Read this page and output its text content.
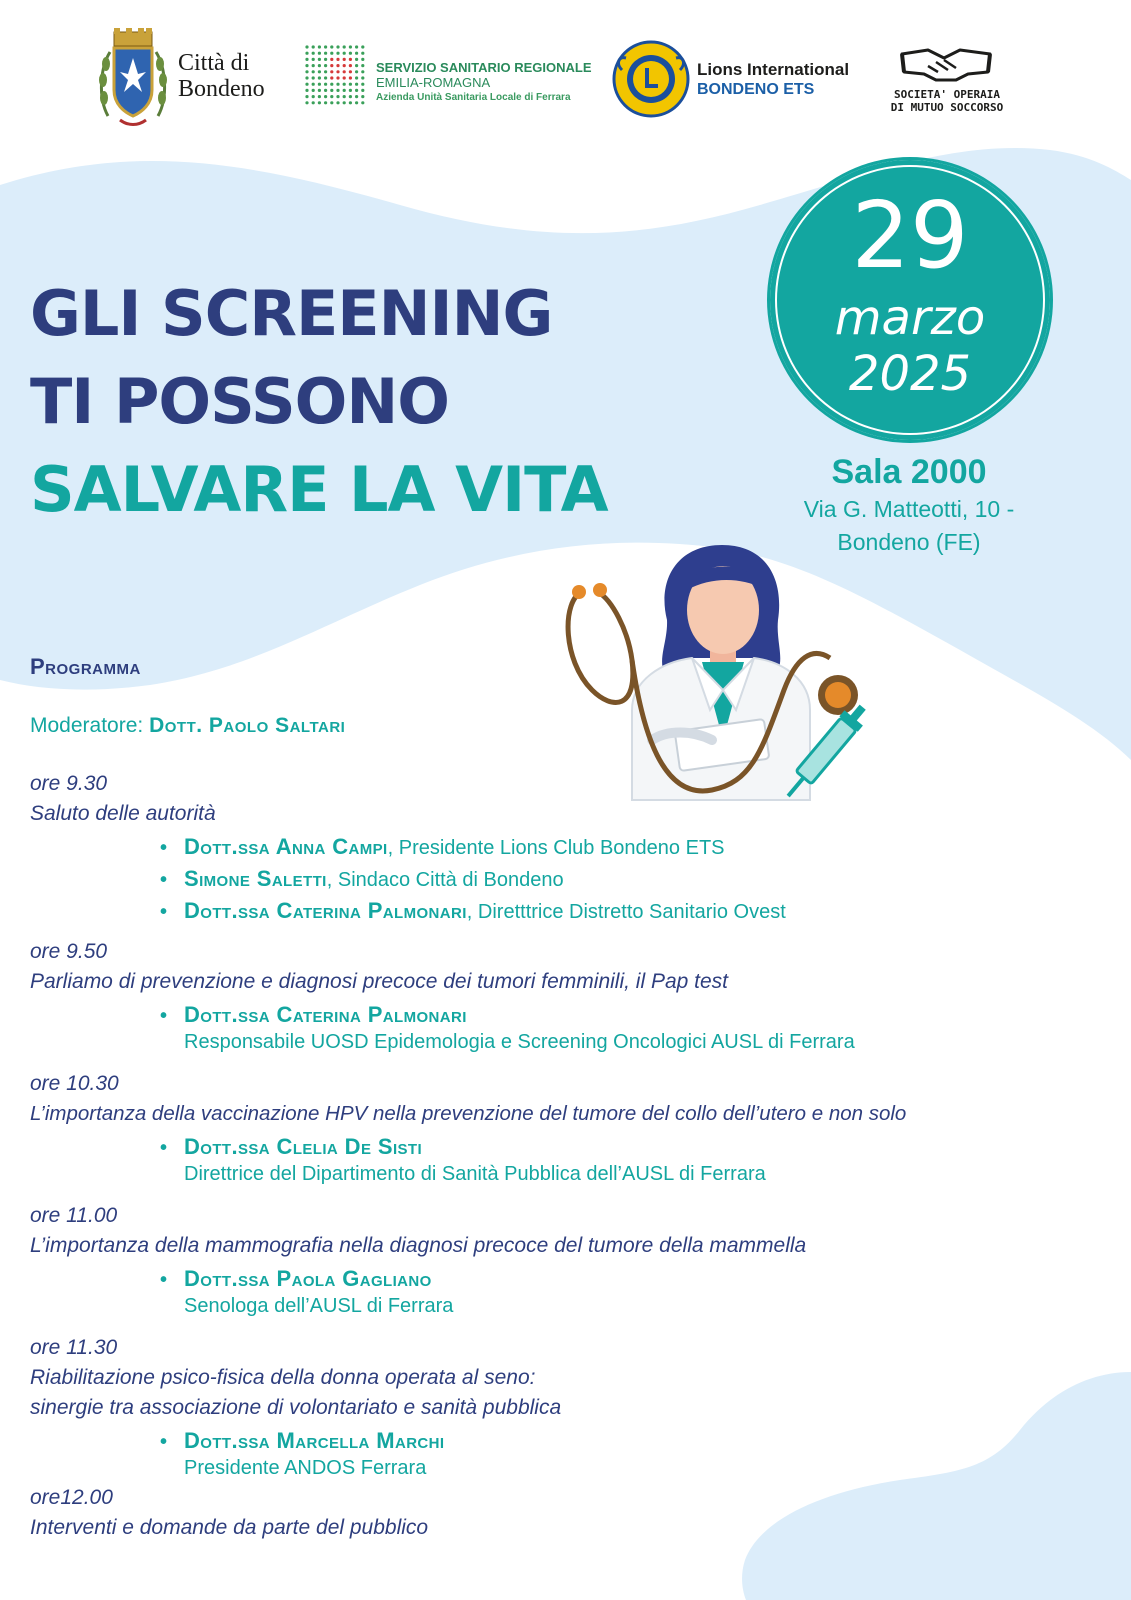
Città di
Bondeno
SERVIZIO SANITARIO REGIONALE
EMILIA-ROMAGNA
Azienda Unità Sanitaria Locale di Ferrara
Lions International
BONDENO ETS	SOCIETA' OPERAIA
DI MUTUO SOCCORSO
GLI SCREENING
TI POSSONO
SALVARE LA VITA
29
marzo
2025
Sala 2000
Via G. Matteotti, 10 -
Bondeno (FE)
Programma
Moderatore: Dott. Paolo Saltari
ore 9.30
Saluto delle autorità
• Dott.ssa Anna Campi, Presidente Lions Club Bondeno ETS
• Simone Saletti, Sindaco Città di Bondeno
• Dott.ssa Caterina Palmonari, Diretttrice Distretto Sanitario Ovest
ore 9.50
Parliamo di prevenzione e diagnosi precoce dei tumori femminili, il Pap test
• Dott.ssa Caterina Palmonari
Responsabile UOSD Epidemologia e Screening Oncologici AUSL di Ferrara
ore 10.30
L’importanza della vaccinazione HPV nella prevenzione del tumore del collo dell’utero e non solo
• Dott.ssa Clelia De Sisti
Direttrice del Dipartimento di Sanità Pubblica dell’AUSL di Ferrara
ore 11.00
L’importanza della mammografia nella diagnosi precoce del tumore della mammella
• Dott.ssa Paola Gagliano
Senologa dell’AUSL di Ferrara
ore 11.30
Riabilitazione psico-fisica della donna operata al seno:
sinergie tra associazione di volontariato e sanità pubblica
• Dott.ssa Marcella Marchi
Presidente ANDOS Ferrara
ore12.00
Interventi e domande da parte del pubblico
